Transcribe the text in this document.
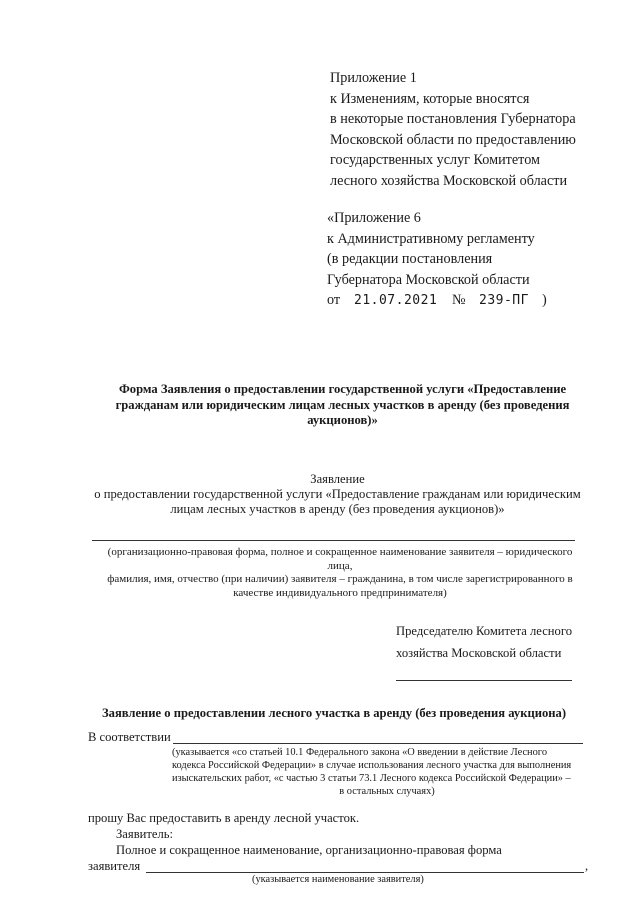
Приложение 1
к Изменениям, которые вносятся
в некоторые постановления Губернатора
Московской области по предоставлению
государственных услуг Комитетом
лесного хозяйства Московской области
«Приложение 6
к Административному регламенту
(в редакции постановления
Губернатора Московской области
от 21.07.2021 № 239-ПГ )
Форма Заявления о предоставлении государственной услуги «Предоставление
гражданам или юридическим лицам лесных участков в аренду (без проведения
аукционов)»
Заявление
о предоставлении государственной услуги «Предоставление гражданам или юридическим
лицам лесных участков в аренду (без проведения аукционов)»
(организационно-правовая форма, полное и сокращенное наименование заявителя – юридического
лица,
фамилия, имя, отчество (при наличии) заявителя – гражданина, в том числе зарегистрированного в
качестве индивидуального предпринимателя)
Председателю Комитета лесного
хозяйства Московской области
Заявление о предоставлении лесного участка в аренду (без проведения аукциона)
В соответствии
(указывается «со статьей 10.1 Федерального закона «О введении в действие Лесного
кодекса Российской Федерации» в случае использования лесного участка для выполнения
изыскательских работ, «с частью 3 статьи 73.1 Лесного кодекса Российской Федерации» –
в остальных случаях)
прошу Вас предоставить в аренду лесной участок.
Заявитель:
Полное и сокращенное наименование, организационно-правовая форма
заявителя	,
(указывается наименование заявителя)
